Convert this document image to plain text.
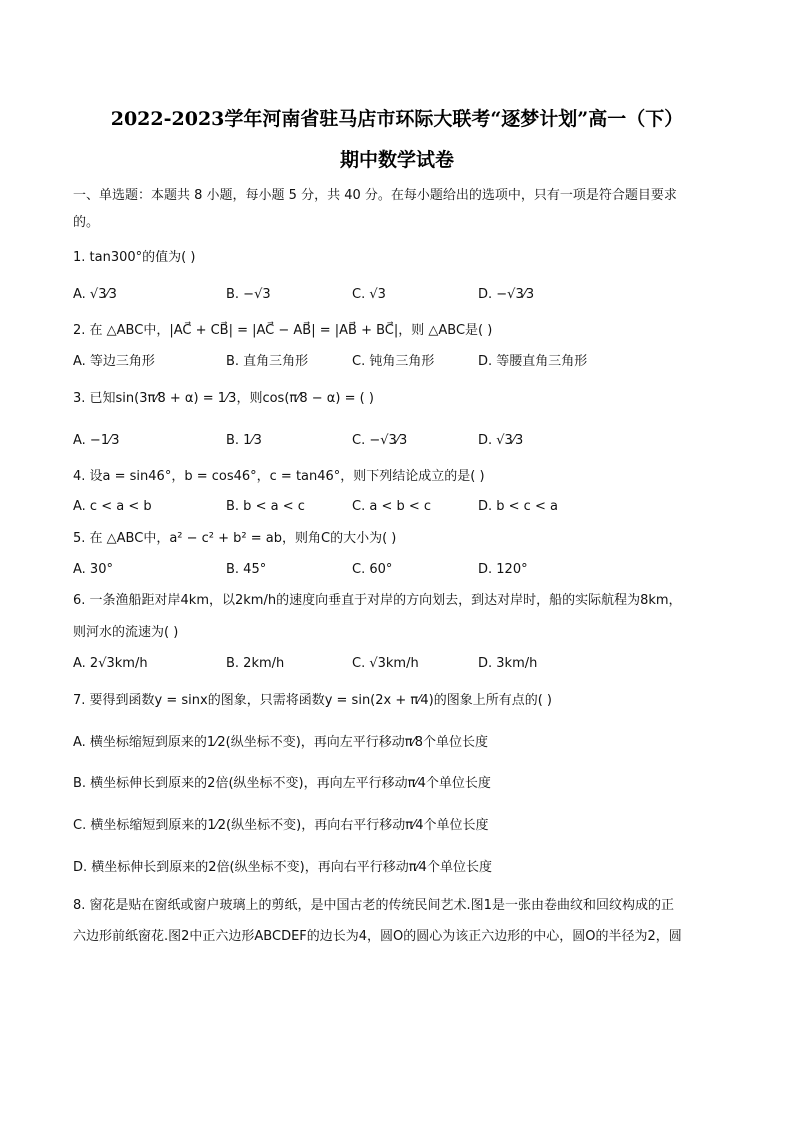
2022-2023学年河南省驻马店市环际大联考“逐梦计划”高一（下）
期中数学试卷
一、单选题：本题共 8 小题，每小题 5 分，共 40 分。在每小题给出的选项中，只有一项是符合题目要求
的。
1. tan300°的值为( )
A. √3⁄3	B. −√3	C. √3	D. −√3⁄3
2. 在 △ABC中，|AC⃗ + CB⃗| = |AC⃗ − AB⃗| = |AB⃗ + BC⃗|，则 △ABC是( )
A. 等边三角形	B. 直角三角形	C. 钝角三角形	D. 等腰直角三角形
3. 已知sin(3π⁄8 + α) = 1⁄3，则cos(π⁄8 − α) = ( )
A. −1⁄3	B. 1⁄3	C. −√3⁄3	D. √3⁄3
4. 设a = sin46°，b = cos46°，c = tan46°，则下列结论成立的是( )
A. c < a < b	B. b < a < c	C. a < b < c	D. b < c < a
5. 在 △ABC中，a² − c² + b² = ab，则角C的大小为( )
A. 30°	B. 45°	C. 60°	D. 120°
6. 一条渔船距对岸4km，以2km/h的速度向垂直于对岸的方向划去，到达对岸时，船的实际航程为8km，
则河水的流速为( )
A. 2√3km/h	B. 2km/h	C. √3km/h	D. 3km/h
7. 要得到函数y = sinx的图象，只需将函数y = sin(2x + π⁄4)的图象上所有点的( )
A. 横坐标缩短到原来的1⁄2(纵坐标不变)，再向左平行移动π⁄8个单位长度
B. 横坐标伸长到原来的2倍(纵坐标不变)，再向左平行移动π⁄4个单位长度
C. 横坐标缩短到原来的1⁄2(纵坐标不变)，再向右平行移动π⁄4个单位长度
D. 横坐标伸长到原来的2倍(纵坐标不变)，再向右平行移动π⁄4个单位长度
8. 窗花是贴在窗纸或窗户玻璃上的剪纸，是中国古老的传统民间艺术.图1是一张由卷曲纹和回纹构成的正
六边形前纸窗花.图2中正六边形ABCDEF的边长为4，圆O的圆心为该正六边形的中心，圆O的半径为2，圆
